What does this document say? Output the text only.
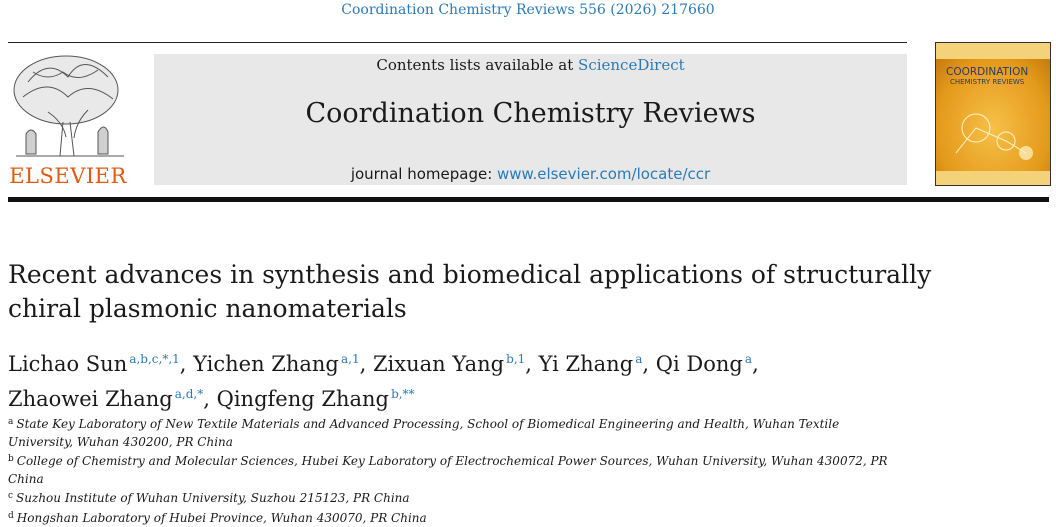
Coordination Chemistry Reviews 556 (2026) 217660
ELSEVIER
Contents lists available at ScienceDirect
Coordination Chemistry Reviews
journal homepage: www.elsevier.com/locate/ccr
COORDINATION
CHEMISTRY REVIEWS
Recent advances in synthesis and biomedical applications of structurally chiral plasmonic nanomaterials
Lichao Sun  $^{a,b,c,*,1}$, Yichen Zhang  $^{a,1}$, Zixuan Yang  $^{b,1}$, Yi Zhang  $^a$, Qi Dong  $^a$,
Zhaowei Zhang  $^{a,d,*}$, Qingfeng Zhang  $^{b,**}$
$^a$ State Key Laboratory of New Textile Materials and Advanced Processing, School of Biomedical Engineering and Health, Wuhan Textile University, Wuhan 430200, PR China
$^b$ College of Chemistry and Molecular Sciences, Hubei Key Laboratory of Electrochemical Power Sources, Wuhan University, Wuhan 430072, PR China
$^c$ Suzhou Institute of Wuhan University, Suzhou 215123, PR China
$^d$ Hongshan Laboratory of Hubei Province, Wuhan 430070, PR China
